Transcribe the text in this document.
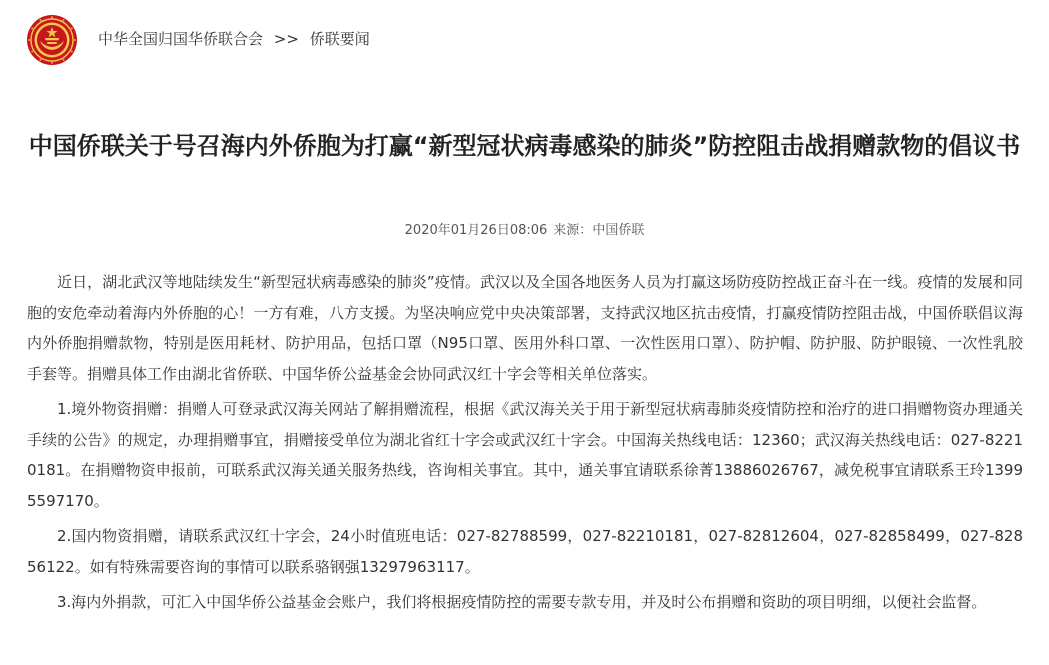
中华全国归国华侨联合会 >> 侨联要闻
中国侨联关于号召海内外侨胞为打赢“新型冠状病毒感染的肺炎”防控阻击战捐赠款物的倡议书
2020年01月26日08:06 来源：中国侨联

近日，湖北武汉等地陆续发生“新型冠状病毒感染的肺炎”疫情。武汉以及全国各地医务人员为打赢这场防疫防控战正奋斗在一线。疫情的发展和同胞的安危牵动着海内外侨胞的心！一方有难，八方支援。为坚决响应党中央决策部署，支持武汉地区抗击疫情，打赢疫情防控阻击战，中国侨联倡议海内外侨胞捐赠款物，特别是医用耗材、防护用品，包括口罩（N95口罩、医用外科口罩、一次性医用口罩）、防护帽、防护服、防护眼镜、一次性乳胶手套等。捐赠具体工作由湖北省侨联、中国华侨公益基金会协同武汉红十字会等相关单位落实。

1.境外物资捐赠：捐赠人可登录武汉海关网站了解捐赠流程，根据《武汉海关关于用于新型冠状病毒肺炎疫情防控和治疗的进口捐赠物资办理通关手续的公告》的规定，办理捐赠事宜，捐赠接受单位为湖北省红十字会或武汉红十字会。中国海关热线电话：12360；武汉海关热线电话：027-82210181。在捐赠物资申报前，可联系武汉海关通关服务热线，咨询相关事宜。其中，通关事宜请联系徐菁13886026767，减免税事宜请联系王玲13995597170。

2.国内物资捐赠，请联系武汉红十字会，24小时值班电话：027-82788599，027-82210181，027-82812604，027-82858499，027-82856122。如有特殊需要咨询的事情可以联系骆钢强13297963117。

3.海内外捐款，可汇入中国华侨公益基金会账户，我们将根据疫情防控的需要专款专用，并及时公布捐赠和资助的项目明细，以便社会监督。
